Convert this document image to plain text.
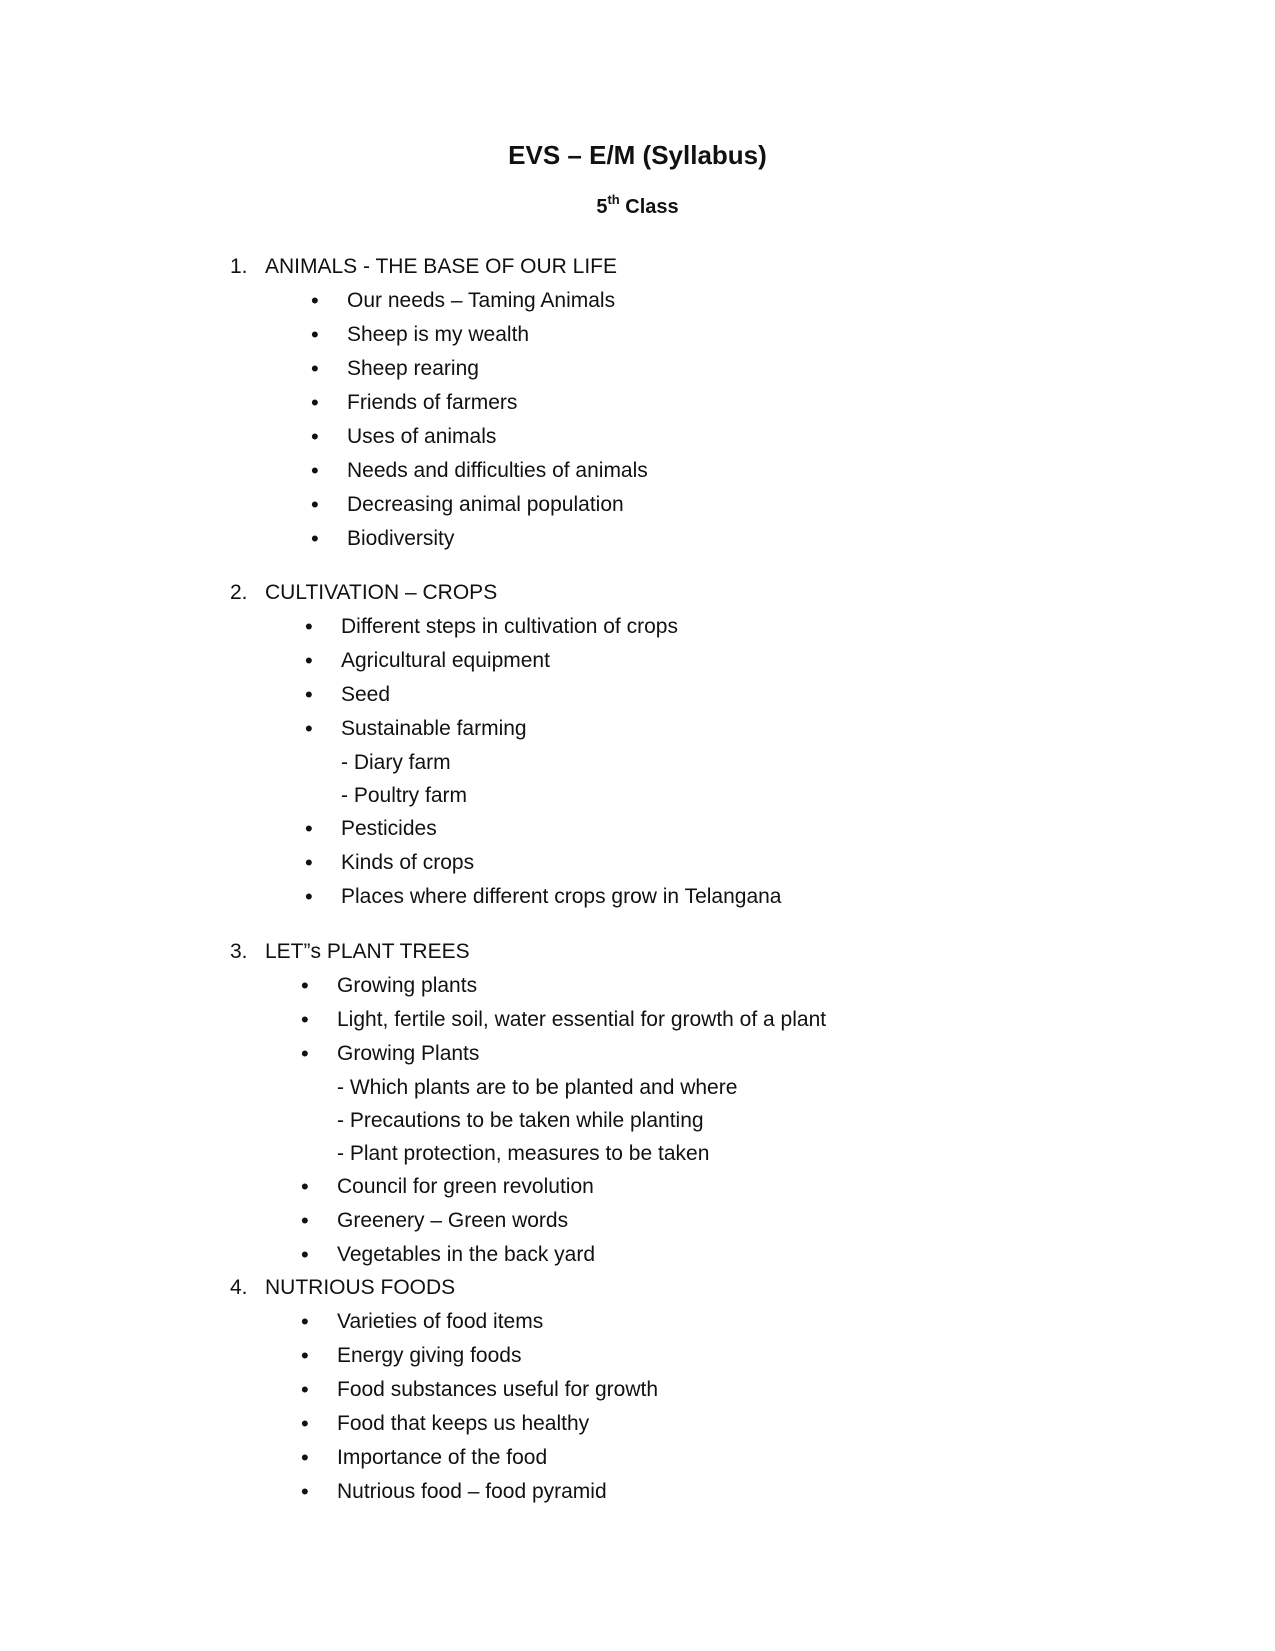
EVS – E/M (Syllabus)
5th Class
1. ANIMALS - THE BASE OF OUR LIFE
• Our needs – Taming Animals
• Sheep is my wealth
• Sheep rearing
• Friends of farmers
• Uses of animals
• Needs and difficulties of animals
• Decreasing animal population
• Biodiversity
2. CULTIVATION – CROPS
• Different steps in cultivation of crops
• Agricultural equipment
• Seed
• Sustainable farming
- Diary farm
- Poultry farm
• Pesticides
• Kinds of crops
• Places where different crops grow in Telangana
3. LET”s PLANT TREES
• Growing plants
• Light, fertile soil, water essential for growth of a plant
• Growing Plants
- Which plants are to be planted and where
- Precautions to be taken while planting
- Plant protection, measures to be taken
• Council for green revolution
• Greenery – Green words
• Vegetables in the back yard
4. NUTRIOUS FOODS
• Varieties of food items
• Energy giving foods
• Food substances useful for growth
• Food that keeps us healthy
• Importance of the food
• Nutrious food – food pyramid
